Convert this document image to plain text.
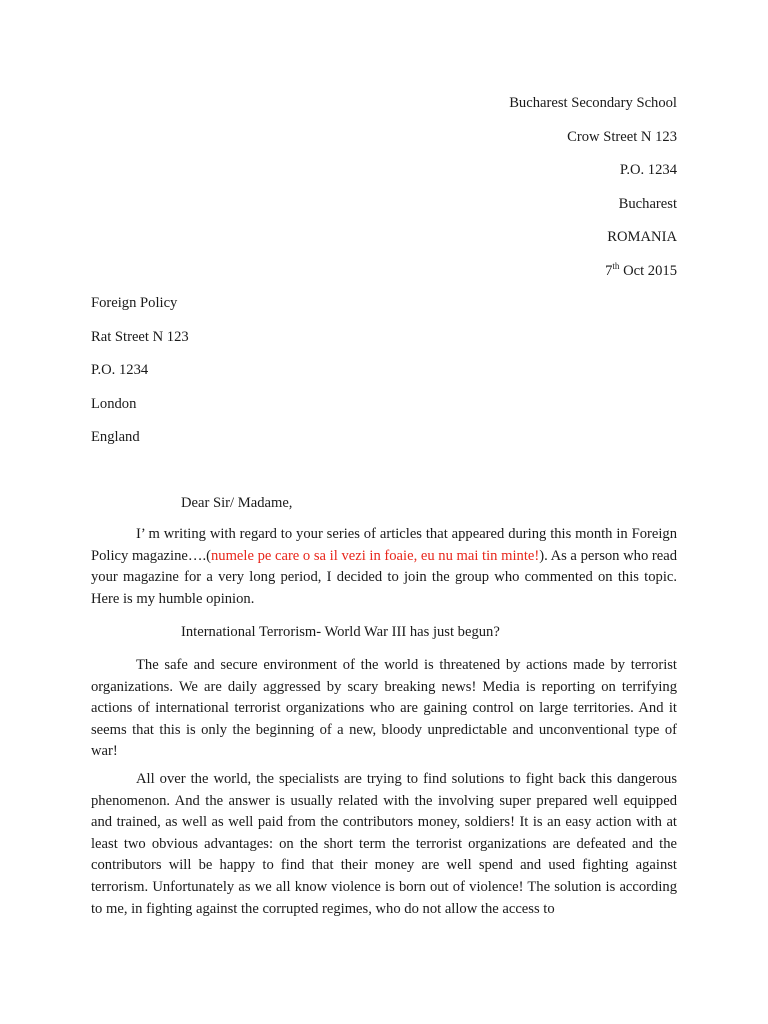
Bucharest Secondary School
Crow Street N 123
P.O. 1234
Bucharest
ROMANIA
7th Oct 2015
Foreign Policy
Rat Street N 123
P.O. 1234
London
England
Dear Sir/ Madame,
I’ m writing with regard to your series of articles that appeared during this month in Foreign Policy magazine….(numele pe care o sa il vezi in foaie, eu nu mai tin minte!). As a person who read your magazine for a very long period, I decided to join the group who commented on this topic. Here is my humble opinion.
International Terrorism- World War III has just begun?
The safe and secure environment of the world is threatened by actions made by terrorist organizations. We are daily aggressed by scary breaking news! Media is reporting on terrifying actions of international terrorist organizations who are gaining control on large territories. And it seems that this is only the beginning of a new, bloody unpredictable and unconventional type of war!
All over the world, the specialists are trying to find solutions to fight back this dangerous phenomenon. And the answer is usually related with the involving super prepared well equipped and trained, as well as well paid from the contributors money, soldiers! It is an easy action with at least two obvious advantages: on the short term the terrorist organizations are defeated and the contributors will be happy to find that their money are well spend and used fighting against terrorism. Unfortunately as we all know violence is born out of violence! The solution is according to me, in fighting against the corrupted regimes, who do not allow the access to
